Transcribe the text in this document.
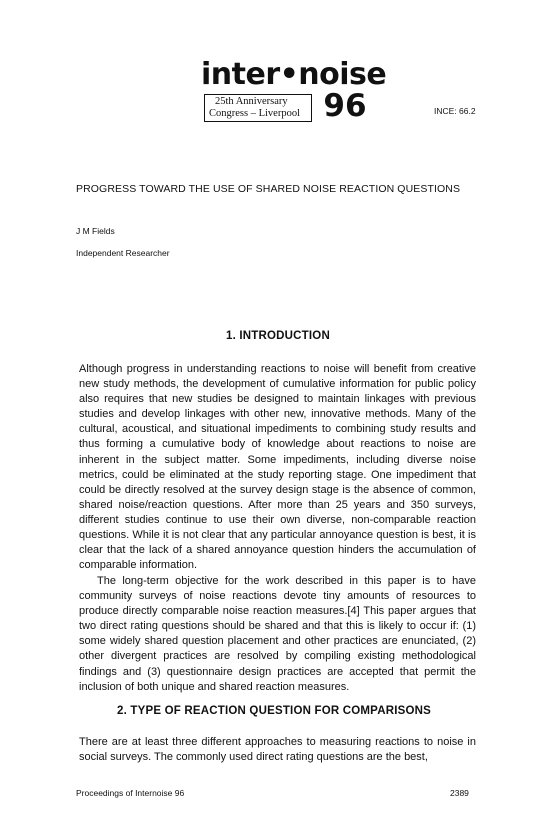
inter•noise
25th Anniversary
Congress – Liverpool 96	INCE: 66.2
PROGRESS TOWARD THE USE OF SHARED NOISE REACTION QUESTIONS
J M Fields
Independent Researcher
1. INTRODUCTION

Although progress in understanding reactions to noise will benefit from creative new study methods, the development of cumulative information for public policy also requires that new studies be designed to maintain linkages with previous studies and develop linkages with other new, innovative methods. Many of the cultural, acoustical, and situational impediments to combining study results and thus forming a cumulative body of knowledge about reactions to noise are inherent in the subject matter. Some impediments, including diverse noise metrics, could be eliminated at the study reporting stage. One impediment that could be directly resolved at the survey design stage is the absence of common, shared noise/reaction questions. After more than 25 years and 350 surveys, different studies continue to use their own diverse, non-comparable reaction questions. While it is not clear that any particular annoyance question is best, it is clear that the lack of a shared annoyance question hinders the accumulation of comparable information.

The long-term objective for the work described in this paper is to have community surveys of noise reactions devote tiny amounts of resources to produce directly comparable noise reaction measures.[4] This paper argues that two direct rating questions should be shared and that this is likely to occur if: (1) some widely shared question placement and other practices are enunciated, (2) other divergent practices are resolved by compiling existing methodological findings and (3) questionnaire design practices are accepted that permit the inclusion of both unique and shared reaction measures.

2. TYPE OF REACTION QUESTION FOR COMPARISONS

There are at least three different approaches to measuring reactions to noise in social surveys. The commonly used direct rating questions are the best,

Proceedings of Internoise 96	2389
